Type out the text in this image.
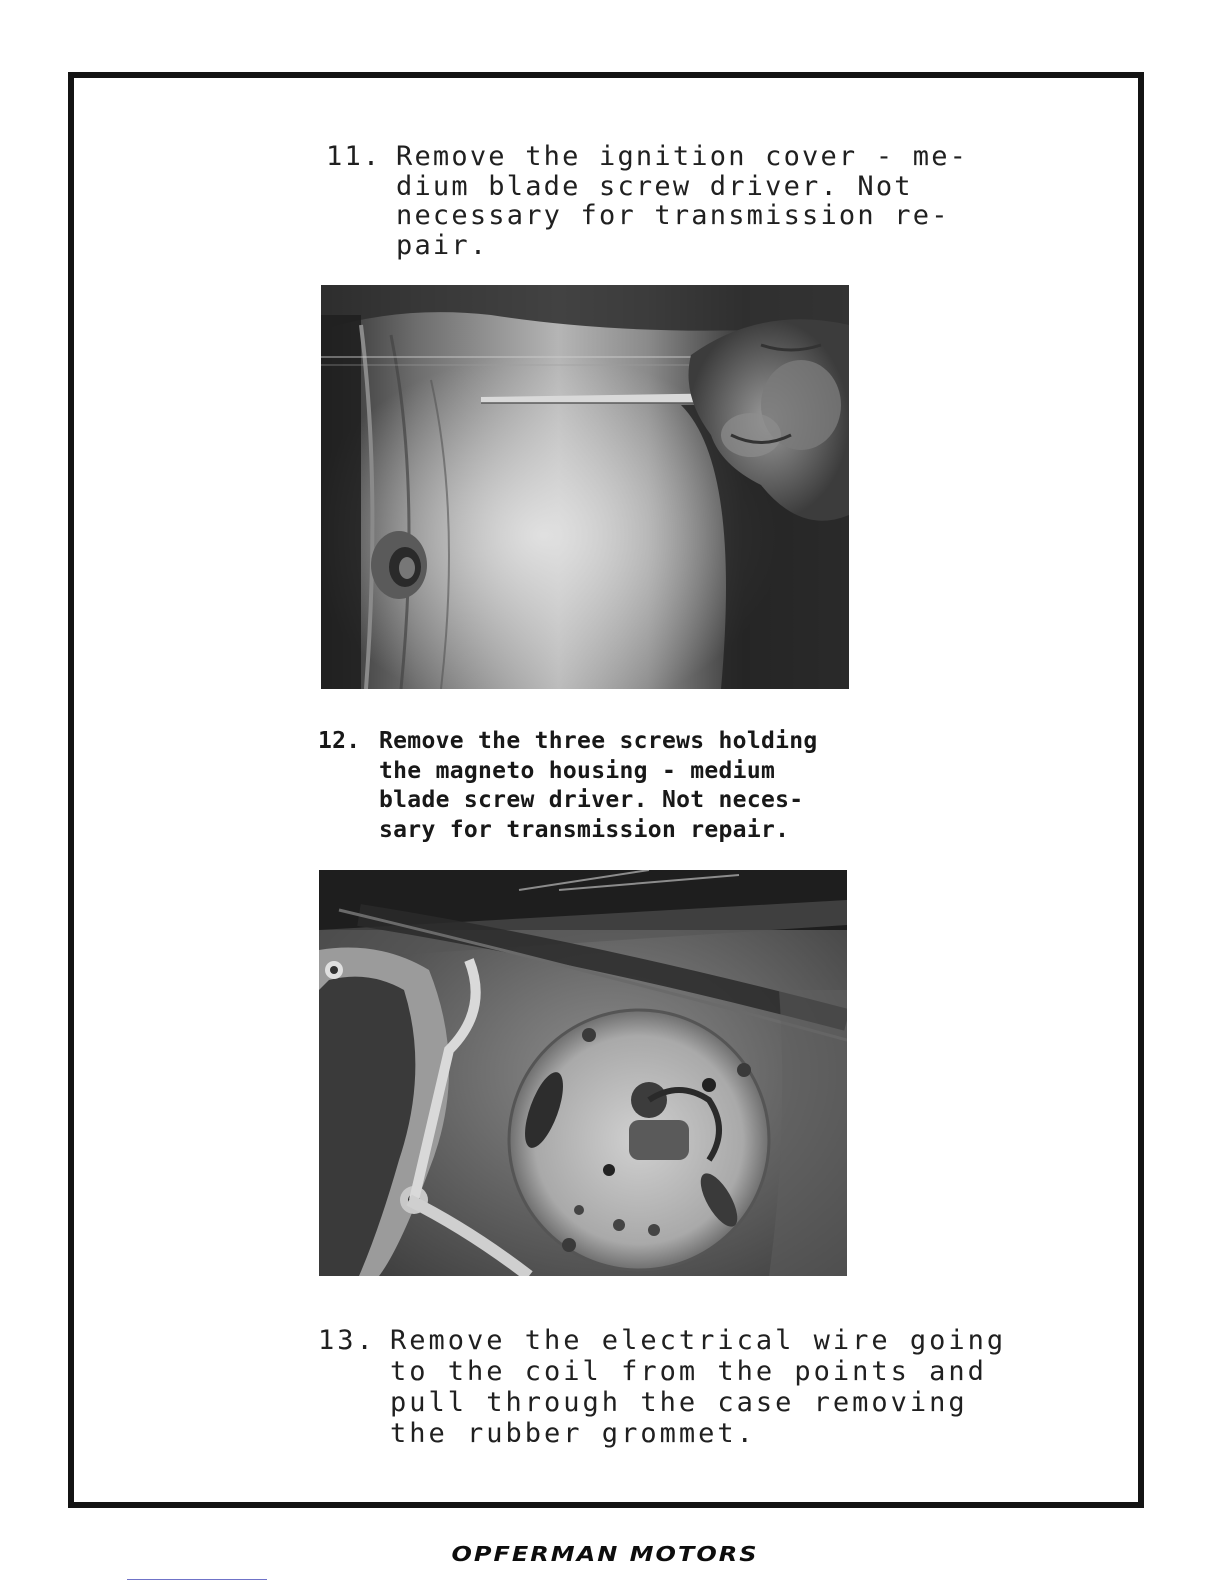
11. Remove the ignition cover - me-
dium blade screw driver. Not
necessary for transmission re-
pair.
12. Remove the three screws holding
the magneto housing - medium
blade screw driver. Not neces-
sary for transmission repair.
13. Remove the electrical wire going
to the coil from the points and
pull through the case removing
the rubber grommet.
OPFERMAN MOTORS
